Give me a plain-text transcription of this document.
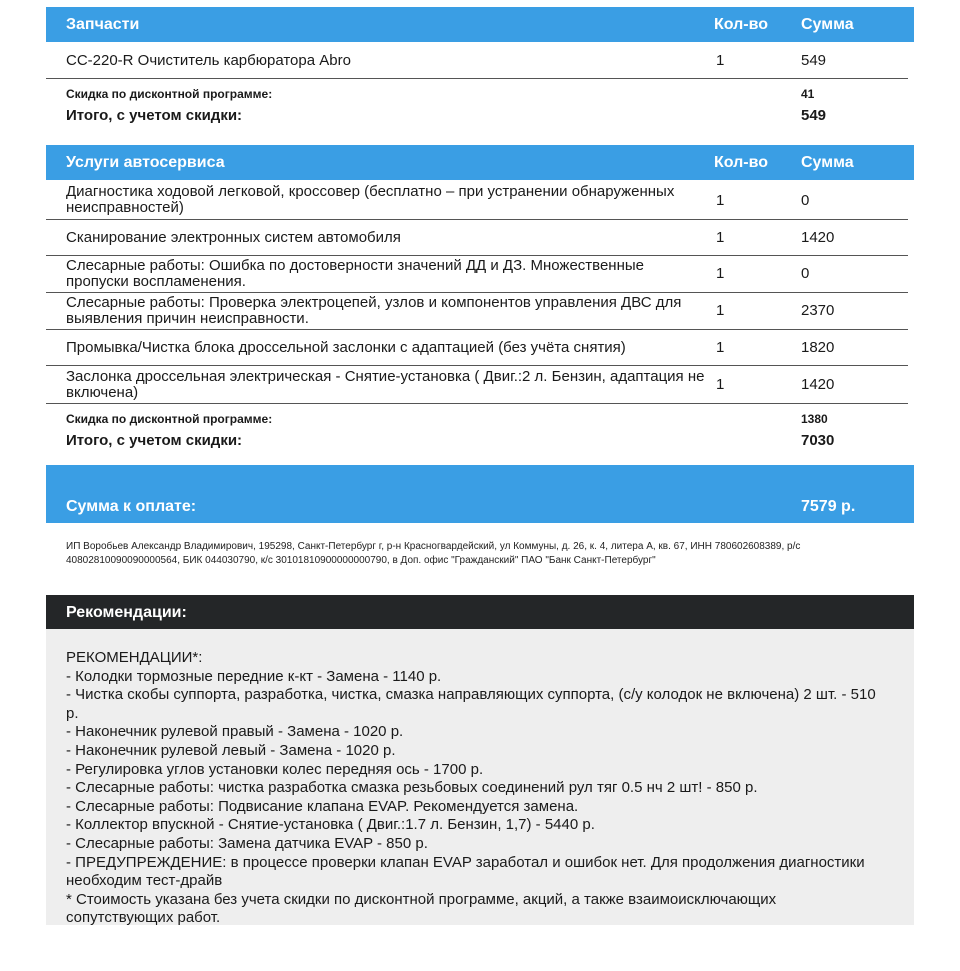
Запчасти	Кол-во Сумма
CC-220-R Очиститель карбюратора Abro	1	549
Скидка по дисконтной программе:	41
Итого, с учетом скидки:	549
Услуги автосервиса	Кол-во Сумма
Диагностика ходовой легковой, кроссовер (бесплатно – при устранении обнаруженных неисправностей)	1	0
Сканирование электронных систем автомобиля	1	1420
Слесарные работы: Ошибка по достоверности значений ДД и ДЗ. Множественные пропуски воспламенения.	1	0
Слесарные работы: Проверка электроцепей, узлов и компонентов управления ДВС для выявления причин неисправности.	1	2370
Промывка/Чистка блока дроссельной заслонки с адаптацией (без учёта снятия)	1	1820
Заслонка дроссельная электрическая - Снятие-установка ( Двиг.:2 л. Бензин, адаптация не включена)	1	1420
Скидка по дисконтной программе:	1380
Итого, с учетом скидки:	7030
Сумма к оплате:	7579 р.
ИП Воробьев Александр Владимирович, 195298, Санкт-Петербург г, р-н Красногвардейский, ул Коммуны, д. 26, к. 4, литера А, кв. 67, ИНН 780602608389, р/с 40802810090090000564, БИК 044030790, к/с 30101810900000000790, в Доп. офис "Гражданский" ПАО "Банк Санкт-Петербург"
Рекомендации:
РЕКОМЕНДАЦИИ*:
- Колодки тормозные передние к-кт - Замена - 1140 р.
- Чистка скобы суппорта, разработка, чистка, смазка направляющих суппорта, (с/у колодок не включена) 2 шт. - 510 р.
- Наконечник рулевой правый - Замена - 1020 р.
- Наконечник рулевой левый - Замена - 1020 р.
- Регулировка углов установки колес передняя ось - 1700 р.
- Слесарные работы: чистка разработка смазка резьбовых соединений рул тяг 0.5 нч 2 шт! - 850 р.
- Слесарные работы: Подвисание клапана EVAP. Рекомендуется замена.
- Коллектор впускной - Снятие-установка ( Двиг.:1.7 л. Бензин, 1,7) - 5440 р.
- Слесарные работы: Замена датчика EVAP - 850 р.
- ПРЕДУПРЕЖДЕНИЕ: в процессе проверки клапан EVAP заработал и ошибок нет. Для продолжения диагностики необходим тест-драйв
* Стоимость указана без учета скидки по дисконтной программе, акций, а также взаимоисключающих сопутствующих работ.
